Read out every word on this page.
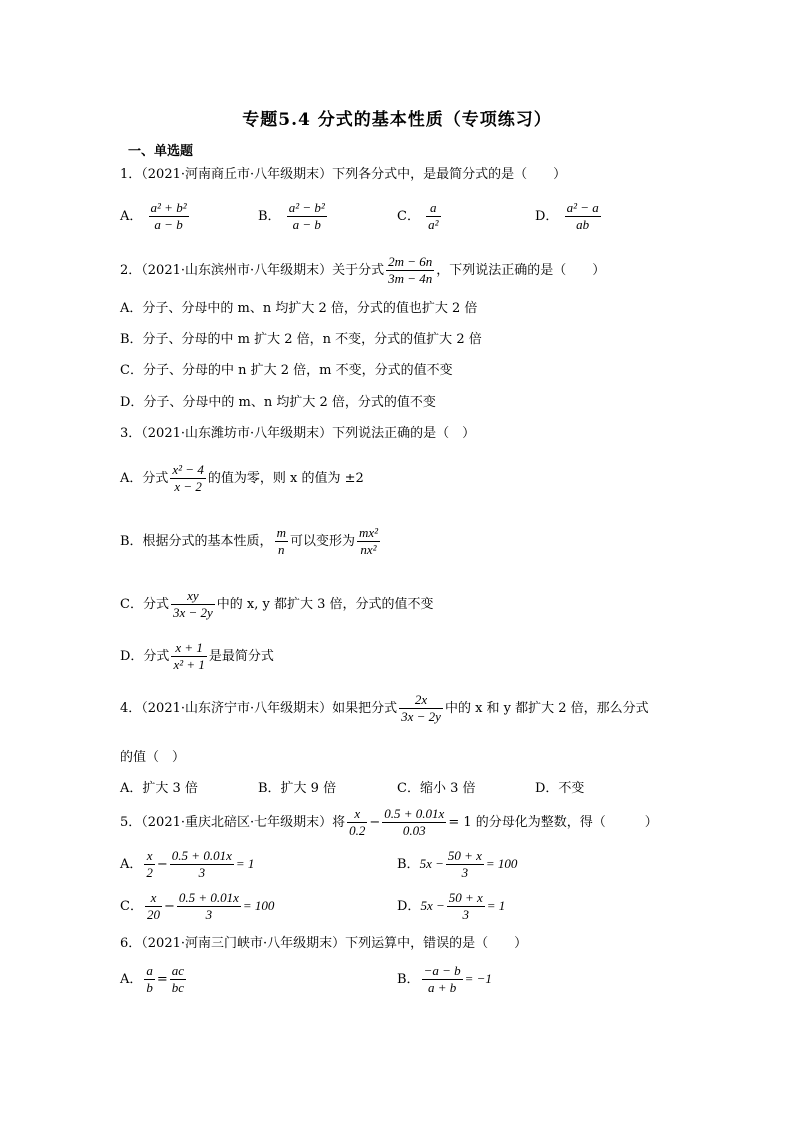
专题5.4 分式的基本性质（专项练习）
一、单选题
1．（2021·河南商丘市·八年级期末）下列各分式中，是最简分式的是（　　）
A． $\frac{\text{a² + b²}}{a - b}$	B． $\frac{\text{a² − b²}}{a - b}$	C． $\frac{a}{\text{a²}}$	D． $\frac{\text{a² − a}}{ab}$
2．（2021·山东滨州市·八年级期末）关于分式 $\frac{2m - 6n}{3m - 4n}$ ，下列说法正确的是（　　）
A．分子、分母中的 m、n 均扩大 2 倍，分式的值也扩大 2 倍
B．分子、分母的中 m 扩大 2 倍，n 不变，分式的值扩大 2 倍
C．分子、分母的中 n 扩大 2 倍，m 不变，分式的值不变
D．分子、分母中的 m、n 均扩大 2 倍，分式的值不变
3．（2021·山东潍坊市·八年级期末）下列说法正确的是（　）
A．分式 $\frac{\text{x² − 4}}{x - 2}$ 的值为零，则 x 的值为 ±2
B．根据分式的基本性质， $\frac{m}{n}$ 可以变形为 $\frac{\text{mx²}}{\text{nx²}}$
C．分式 $\frac{xy}{3x - 2y}$ 中的 x, y 都扩大 3 倍，分式的值不变
D．分式 $\frac{x + 1}{\text{x² + 1}}$ 是最简分式
4．（2021·山东济宁市·八年级期末）如果把分式 $\frac{2x}{3x - 2y}$ 中的 x 和 y 都扩大 2 倍，那么分式
的值（　）
A．扩大 3 倍	B．扩大 9 倍	C．缩小 3 倍	D．不变
5．（2021·重庆北碚区·七年级期末）将 $\frac{x}{0.2} - \frac{0.5 + 0.01x}{0.03} = 1$ 的分母化为整数，得（　　　）
A． $\frac{x}{2} - \frac{0.5 + 0.01x}{3} = 1$	B．$5x - \frac{50 + x}{3} = 100$
C． $\frac{x}{20} - \frac{0.5 + 0.01x}{3} = 100$	D．$5x - \frac{50 + x}{3} = 1$
6．（2021·河南三门峡市·八年级期末）下列运算中，错误的是（　　）
A． $\frac{a}{b} = \frac{ac}{bc}$	B． $\frac{-a - b}{a + b} = -1$
